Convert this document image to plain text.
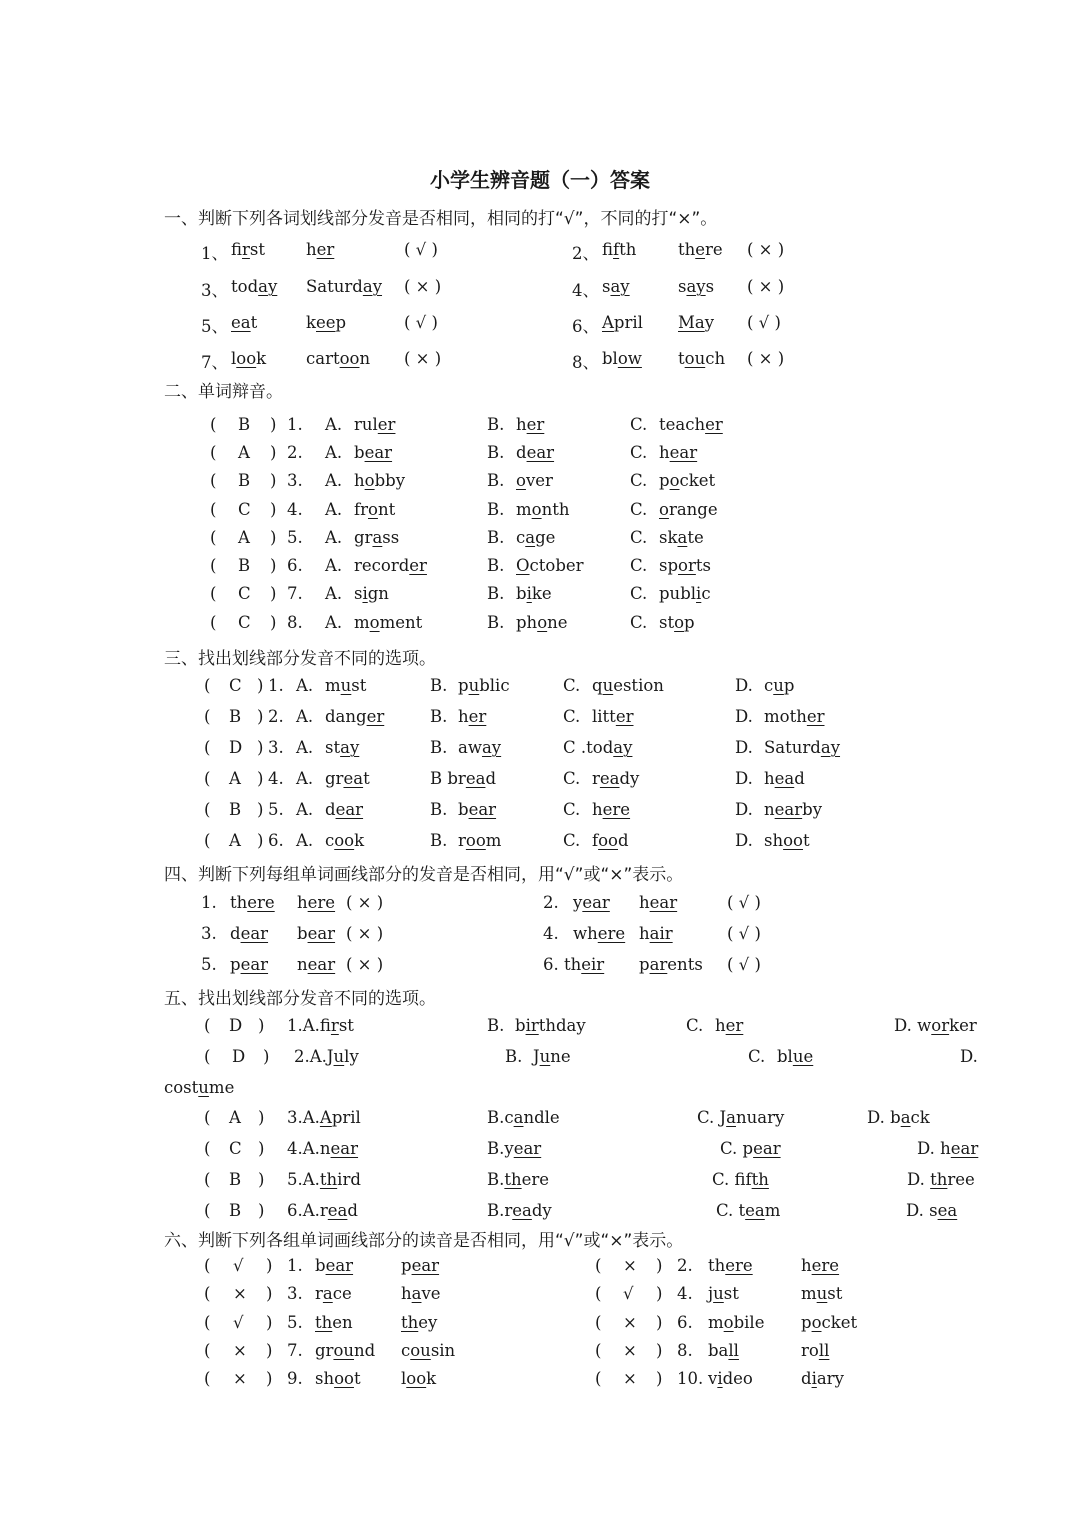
小学生辨音题（一）答案
一、判断下列各词划线部分发音是否相同，相同的打“√”，不同的打“×”。
1、 first her	( √ )	2、 fifth	there ( × )
3、 today Saturday ( × )	4、 say	says ( × )
5、 eat	keep	( √ )	6、 April May ( √ )
7、 look cartoon ( × )	8、 blow touch ( × )
二、单词辩音。
( B ) 1. A. ruler	B. her	C. teacher
( A ) 2. A. bear	B. dear	C. hear
( B ) 3. A. hobby	B. over	C. pocket
( C ) 4. A. front	B. month	C. orange
( A ) 5. A. grass	B. cage	C. skate
( B ) 6. A. recorder	B. October	C. sports
( C ) 7. A. sign	B. bike	C. public
( C ) 8. A. moment	B. phone	C. stop
三、找出划线部分发音不同的选项。
( C ) 1. A. must	B. public	C. question	D. cup
( B ) 2. A. danger	B. her	C. litter	D. mother
( D ) 3. A. stay	B. away	C .today	D. Saturday
( A ) 4. A. great	B bread	C. ready	D. head
( B ) 5. A. dear	B. bear	C. here	D. nearby
( A ) 6. A. cook	B. room	C. food	D. shoot
四、判断下列每组单词画线部分的发音是否相同，用“√”或“×”表示。
1. there here ( × )	2. year hear	( √ )
3. dear bear ( × )	4. where hair	( √ )
5. pear near ( × )	6. their parents ( √ )
五、找出划线部分发音不同的选项。
( D ) 1.A.first	B. birthday	C. her	D. worker
( D ) 2.A.July	B. June	C. blue	D.
costume
( A ) 3.A.April	B.candle	C. January	D. back
( C ) 4.A.near	B.year	C. pear	D. hear
( B ) 5.A.third	B.there	C. fifth	D. three
( B ) 6.A.read	B.ready	C. team	D. sea
六、判断下列各组单词画线部分的读音是否相同，用“√”或“×”表示。
( √ ) 1. bear	pear	( × ) 2. there	here
( × ) 3. race	have	( √ ) 4. just	must
( √ ) 5. then	they	( × ) 6. mobile pocket
( × ) 7. ground cousin	( × ) 8. ball	roll
( × ) 9. shoot look	( × ) 10. video	diary
